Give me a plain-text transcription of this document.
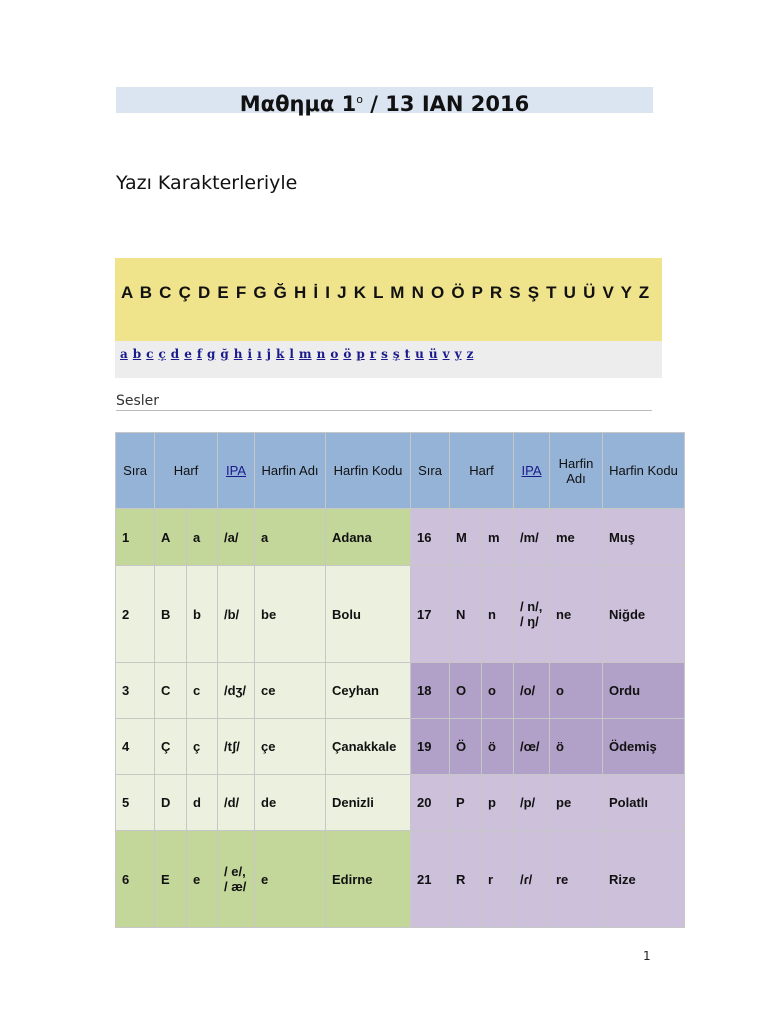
Μαθημα $1^o / 13$ ΙΑΝ 2016
Yazı Karakterleriyle
A B C Ç D E F G Ğ H İ I J K L M N O Ö P R S Ş T U Ü V Y Z
a b c ç d e f g ğ h i ı j k l m n o ö p r s ş t u ü v y z
Sesler
Sıra	Harf		IPA	Harfin Adı	Harfin Kodu	Sıra	Harf		IPA	Harfin Adı	Harfin Kodu
1	A	a	/a/	a	Adana	16	M	m	/m/	me	Muş
2	B	b	/b/	be	Bolu	17	N	n	/ n/, / ŋ/	ne	Niğde
3	C	c	/dʒ/	ce	Ceyhan	18	O	o	/o/	o	Ordu
4	Ç	ç	/tʃ/	çe	Çanakkale	19	Ö	ö	/œ/	ö	Ödemiş
5	D	d	/d/	de	Denizli	20	P	p	/p/	pe	Polatlı
6	E	e	/ e/, / æ/	e	Edirne	21	R	r	/ɾ/	re	Rize
1
